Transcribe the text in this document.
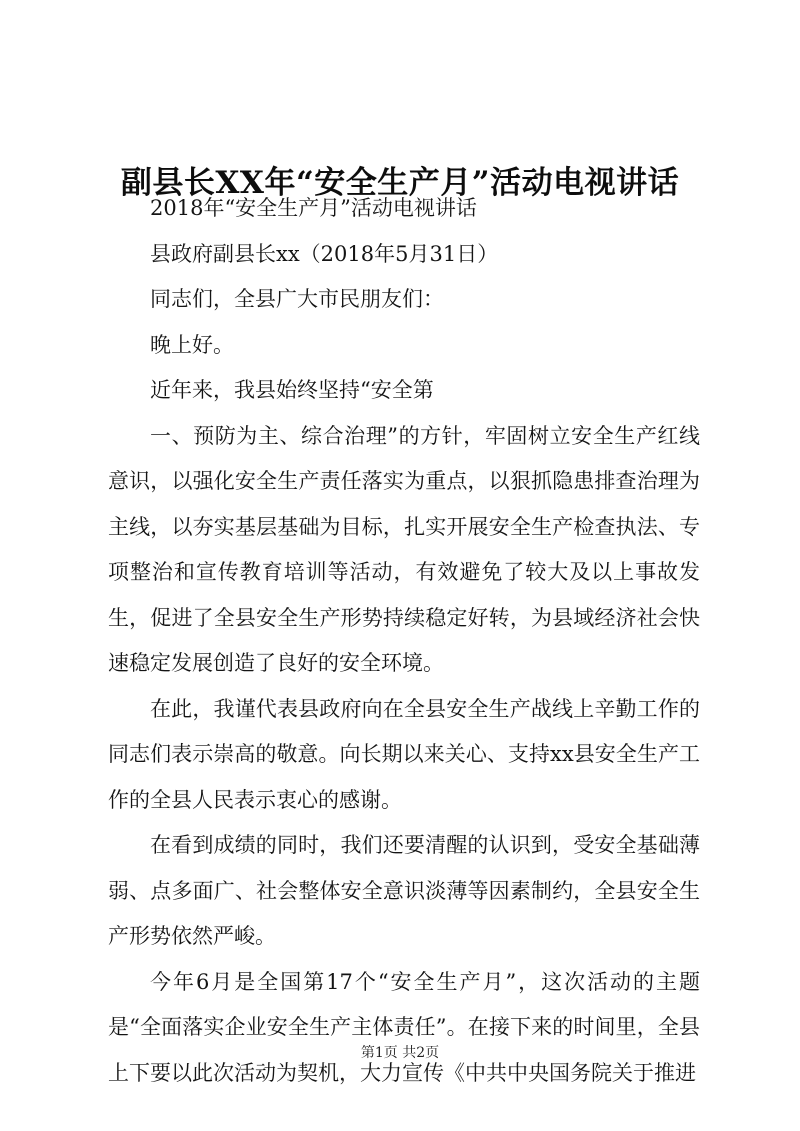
副县长XX年“安全生产月”活动电视讲话

2018年“安全生产月”活动电视讲话

县政府副县长xx（2018年5月31日）

同志们，全县广大市民朋友们：

晚上好。

近年来，我县始终坚持“安全第

一、预防为主、综合治理”的方针，牢固树立安全生产红线意识，以强化安全生产责任落实为重点，以狠抓隐患排查治理为主线，以夯实基层基础为目标，扎实开展安全生产检查执法、专项整治和宣传教育培训等活动，有效避免了较大及以上事故发生，促进了全县安全生产形势持续稳定好转，为县域经济社会快速稳定发展创造了良好的安全环境。

在此，我谨代表县政府向在全县安全生产战线上辛勤工作的同志们表示崇高的敬意。向长期以来关心、支持xx县安全生产工作的全县人民表示衷心的感谢。

在看到成绩的同时，我们还要清醒的认识到，受安全基础薄弱、点多面广、社会整体安全意识淡薄等因素制约，全县安全生产形势依然严峻。

今年6月是全国第17个“安全生产月”，这次活动的主题是“全面落实企业安全生产主体责任”。在接下来的时间里，全县上下要以此次活动为契机，大力宣传《中共中央国务院关于推进

第1页 共2页
